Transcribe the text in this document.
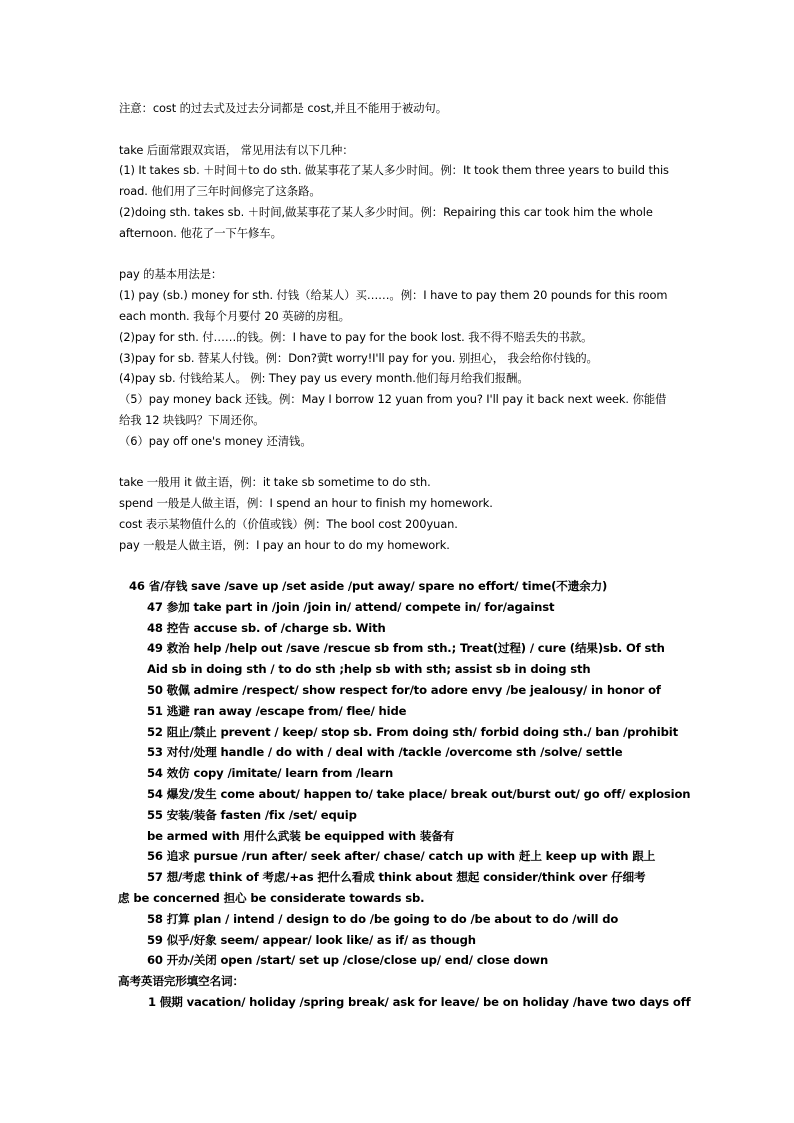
注意：cost 的过去式及过去分词都是 cost,并且不能用于被动句。

take 后面常跟双宾语， 常见用法有以下几种：

(1) It takes sb. ＋时间＋to do sth. 做某事花了某人多少时间。例：It took them three years to build this

road. 他们用了三年时间修完了这条路。

(2)doing sth. takes sb. ＋时间,做某事花了某人多少时间。例：Repairing this car took him the whole

afternoon. 他花了一下午修车。

pay 的基本用法是：

(1) pay (sb.) money for sth. 付钱（给某人）买……。例：I have to pay them 20 pounds for this room

each month. 我每个月要付 20 英磅的房租。

(2)pay for sth. 付……的钱。例：I have to pay for the book lost. 我不得不赔丢失的书款。

(3)pay for sb. 替某人付钱。例：Don?蔩t worry!I'll pay for you. 别担心， 我会给你付钱的。

(4)pay sb. 付钱给某人。 例: They pay us every month.他们每月给我们报酬。

（5）pay money back 还钱。例：May I borrow 12 yuan from you? I'll pay it back next week. 你能借

给我 12 块钱吗？下周还你。

（6）pay off one's money 还清钱。

take 一般用 it 做主语，例：it take sb sometime to do sth.

spend 一般是人做主语，例：I spend an hour to finish my homework.

cost 表示某物值什么的（价值或钱）例：The bool cost 200yuan.

pay 一般是人做主语，例：I pay an hour to do my homework.

46 省/存钱 save /save up /set aside /put away/ spare no effort/ time(不遗余力)

47 参加 take part in /join /join in/ attend/ compete in/ for/against

48 控告 accuse sb. of /charge sb. With

49 救治 help /help out /save /rescue sb from sth.; Treat(过程) / cure (结果)sb. Of sth

Aid sb in doing sth / to do sth ;help sb with sth; assist sb in doing sth

50 敬佩 admire /respect/ show respect for/to adore envy /be jealousy/ in honor of

51 逃避 ran away /escape from/ flee/ hide

52 阻止/禁止 prevent / keep/ stop sb. From doing sth/ forbid doing sth./ ban /prohibit

53 对付/处理 handle / do with / deal with /tackle /overcome sth /solve/ settle

54 效仿 copy /imitate/ learn from /learn

54 爆发/发生 come about/ happen to/ take place/ break out/burst out/ go off/ explosion

55 安装/装备 fasten /fix /set/ equip

be armed with 用什么武装 be equipped with 装备有

56 追求 pursue /run after/ seek after/ chase/ catch up with 赶上 keep up with 跟上

57 想/考虑 think of 考虑/+as 把什么看成 think about 想起 consider/think over 仔细考

虑 be concerned 担心 be considerate towards sb.

58 打算 plan / intend / design to do /be going to do /be about to do /will do

59 似乎/好象 seem/ appear/ look like/ as if/ as though

60 开办/关闭 open /start/ set up /close/close up/ end/ close down

高考英语完形填空名词：

1 假期 vacation/ holiday /spring break/ ask for leave/ be on holiday /have two days off
